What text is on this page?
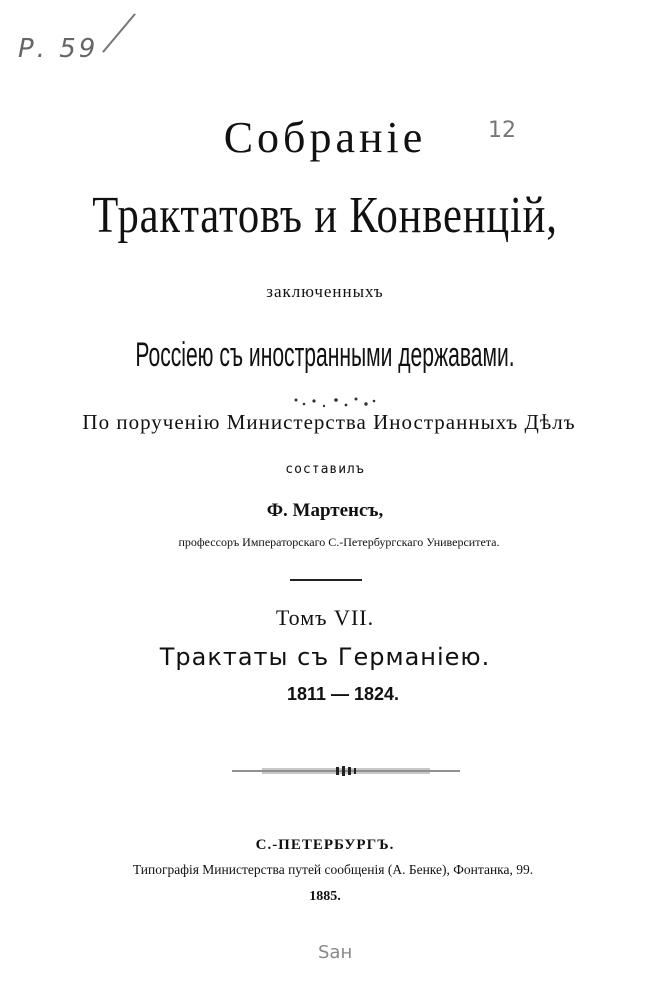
Р. 59
12
Собраніе
Трактатовъ и Конвенцій,
заключенныхъ
Россіею съ иностранными державами.
По порученію Министерства Иностранныхъ Дѣлъ
составилъ
Ф. Мартенсъ,
профессоръ Императорскаго С.-Петербургскаго Университета.
Томъ VII.
Трактаты съ Германіею.
1811 — 1824.
С.-ПЕТЕРБУРГЪ.
Типографія Министерства путей сообщенія (А. Бенке), Фонтанка, 99.
1885.
Ѕан
